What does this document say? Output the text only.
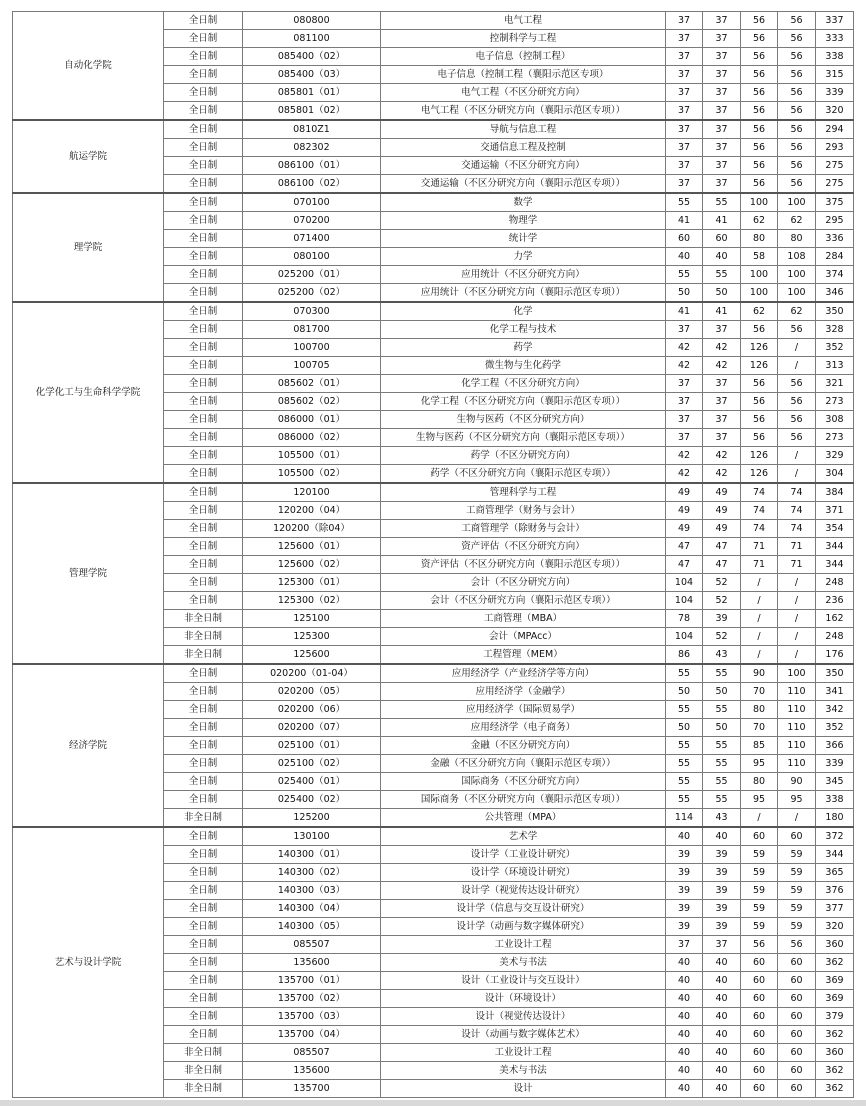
自动化学院	全日制	080800	电气工程	37	37	56	56	337
	全日制	081100	控制科学与工程	37	37	56	56	333
	全日制	085400（02）	电子信息（控制工程）	37	37	56	56	338
	全日制	085400（03）	电子信息（控制工程（襄阳示范区专项）	37	37	56	56	315
	全日制	085801（01）	电气工程（不区分研究方向）	37	37	56	56	339
	全日制	085801（02）	电气工程（不区分研究方向（襄阳示范区专项））	37	37	56	56	320
航运学院	全日制	0810Z1	导航与信息工程	37	37	56	56	294
	全日制	082302	交通信息工程及控制	37	37	56	56	293
	全日制	086100（01）	交通运输（不区分研究方向）	37	37	56	56	275
	全日制	086100（02）	交通运输（不区分研究方向（襄阳示范区专项））	37	37	56	56	275
理学院	全日制	070100	数学	55	55	100	100	375
	全日制	070200	物理学	41	41	62	62	295
	全日制	071400	统计学	60	60	80	80	336
	全日制	080100	力学	40	40	58	108	284
	全日制	025200（01）	应用统计（不区分研究方向）	55	55	100	100	374
	全日制	025200（02）	应用统计（不区分研究方向（襄阳示范区专项））	50	50	100	100	346
化学化工与生命科学学院	全日制	070300	化学	41	41	62	62	350
	全日制	081700	化学工程与技术	37	37	56	56	328
	全日制	100700	药学	42	42	126	/	352
	全日制	100705	微生物与生化药学	42	42	126	/	313
	全日制	085602（01）	化学工程（不区分研究方向）	37	37	56	56	321
	全日制	085602（02）	化学工程（不区分研究方向（襄阳示范区专项））	37	37	56	56	273
	全日制	086000（01）	生物与医药（不区分研究方向）	37	37	56	56	308
	全日制	086000（02）	生物与医药（不区分研究方向（襄阳示范区专项））	37	37	56	56	273
	全日制	105500（01）	药学（不区分研究方向）	42	42	126	/	329
	全日制	105500（02）	药学（不区分研究方向（襄阳示范区专项））	42	42	126	/	304
管理学院	全日制	120100	管理科学与工程	49	49	74	74	384
	全日制	120200（04）	工商管理学（财务与会计）	49	49	74	74	371
	全日制	120200（除04）	工商管理学（除财务与会计）	49	49	74	74	354
	全日制	125600（01）	资产评估（不区分研究方向）	47	47	71	71	344
	全日制	125600（02）	资产评估（不区分研究方向（襄阳示范区专项））	47	47	71	71	344
	全日制	125300（01）	会计（不区分研究方向）	104	52	/	/	248
	全日制	125300（02）	会计（不区分研究方向（襄阳示范区专项））	104	52	/	/	236
	非全日制	125100	工商管理（MBA）	78	39	/	/	162
	非全日制	125300	会计（MPAcc）	104	52	/	/	248
	非全日制	125600	工程管理（MEM）	86	43	/	/	176
经济学院	全日制	020200（01-04）	应用经济学（产业经济学等方向）	55	55	90	100	350
	全日制	020200（05）	应用经济学（金融学）	50	50	70	110	341
	全日制	020200（06）	应用经济学（国际贸易学）	55	55	80	110	342
	全日制	020200（07）	应用经济学（电子商务）	50	50	70	110	352
	全日制	025100（01）	金融（不区分研究方向）	55	55	85	110	366
	全日制	025100（02）	金融（不区分研究方向（襄阳示范区专项））	55	55	95	110	339
	全日制	025400（01）	国际商务（不区分研究方向）	55	55	80	90	345
	全日制	025400（02）	国际商务（不区分研究方向（襄阳示范区专项））	55	55	95	95	338
	非全日制	125200	公共管理（MPA）	114	43	/	/	180
艺术与设计学院	全日制	130100	艺术学	40	40	60	60	372
	全日制	140300（01）	设计学（工业设计研究）	39	39	59	59	344
	全日制	140300（02）	设计学（环境设计研究）	39	39	59	59	365
	全日制	140300（03）	设计学（视觉传达设计研究）	39	39	59	59	376
	全日制	140300（04）	设计学（信息与交互设计研究）	39	39	59	59	377
	全日制	140300（05）	设计学（动画与数字媒体研究）	39	39	59	59	320
	全日制	085507	工业设计工程	37	37	56	56	360
	全日制	135600	美术与书法	40	40	60	60	362
	全日制	135700（01）	设计（工业设计与交互设计）	40	40	60	60	369
	全日制	135700（02）	设计（环境设计）	40	40	60	60	369
	全日制	135700（03）	设计（视觉传达设计）	40	40	60	60	379
	全日制	135700（04）	设计（动画与数字媒体艺术）	40	40	60	60	362
	非全日制	085507	工业设计工程	40	40	60	60	360
	非全日制	135600	美术与书法	40	40	60	60	362
	非全日制	135700	设计	40	40	60	60	362
